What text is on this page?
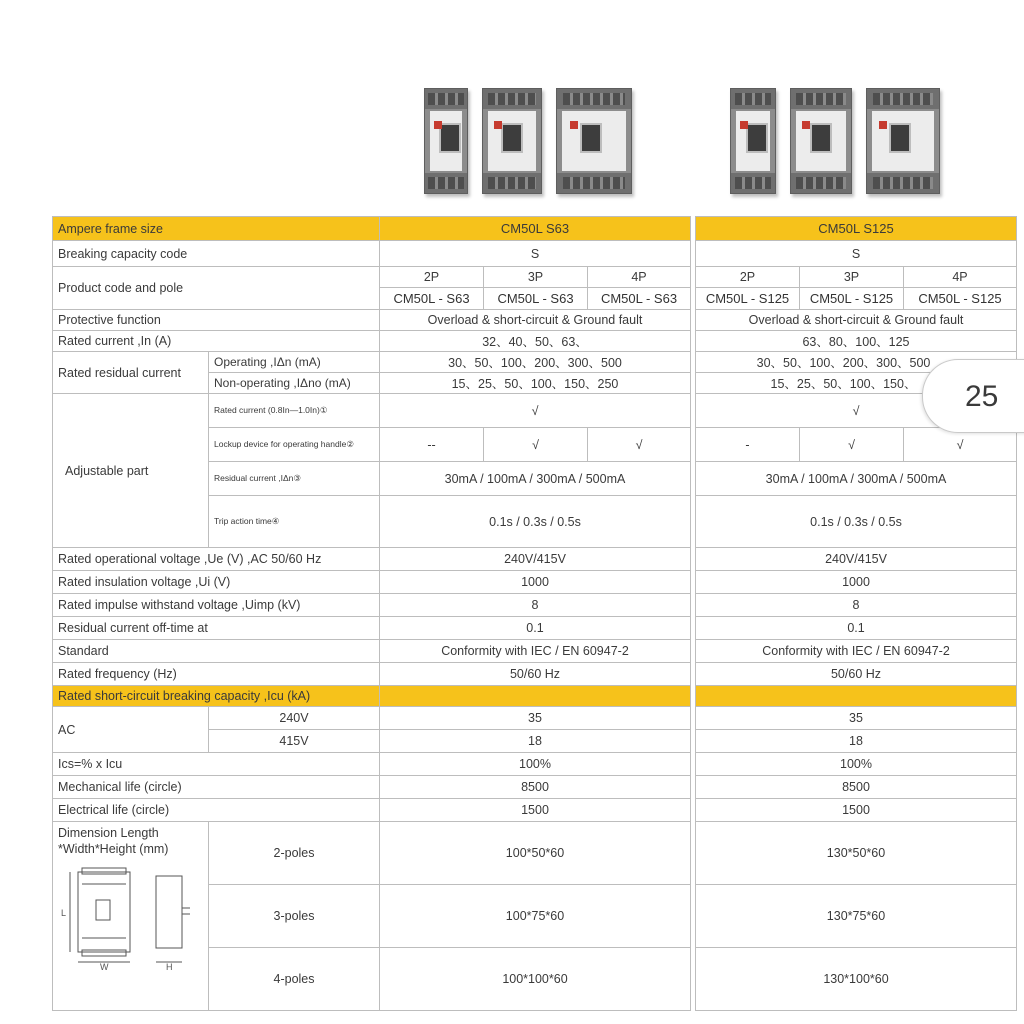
Ampere frame size		CM50L S63				CM50L S125		
Breaking capacity code		S				S		
Product code and pole		2P	3P	4P		2P	3P	4P
		CM50L - S63	CM50L - S63	CM50L - S63		CM50L - S125	CM50L - S125	CM50L - S125
Protective function		Overload & short-circuit & Ground fault				Overload & short-circuit & Ground fault		
Rated current ,In (A)		32、40、50、63、				63、80、100、125		
Rated residual current	Operating ,IΔn (mA)	30、50、100、200、300、500				30、50、100、200、300、500		
	Non-operating ,IΔno (mA)	15、25、50、100、150、250				15、25、50、100、150、		
Adjustable part	Rated current (0.8In—1.0In)①	√				√		
	Lockup device for operating handle②	--	√	√		-	√	√
	Residual current ,IΔn③	30mA / 100mA / 300mA / 500mA				30mA / 100mA / 300mA / 500mA		
	Trip action time④	0.1s / 0.3s / 0.5s				0.1s / 0.3s / 0.5s		
Rated operational voltage ,Ue (V) ,AC 50/60 Hz		240V/415V				240V/415V		
Rated insulation voltage ,Ui (V)		1000				1000		
Rated impulse withstand voltage ,Uimp (kV)		8				8		
Residual current off-time at		0.1				0.1		
Standard		Conformity with IEC / EN 60947-2				Conformity with IEC / EN 60947-2		
Rated frequency (Hz)		50/60 Hz				50/60 Hz		
Rated short-circuit breaking capacity ,Icu (kA)								
AC	240V	35				35		
	415V	18				18		
Ics=% x Icu		100%				100%		
Mechanical life (circle)		8500				8500		
Electrical life (circle)		1500				1500		

Dimension Length
*Width*Height (mm)
L
W H	2-poles	100*50*60				130*50*60		
	3-poles	100*75*60				130*75*60		
	4-poles	100*100*60				130*100*60		
25
